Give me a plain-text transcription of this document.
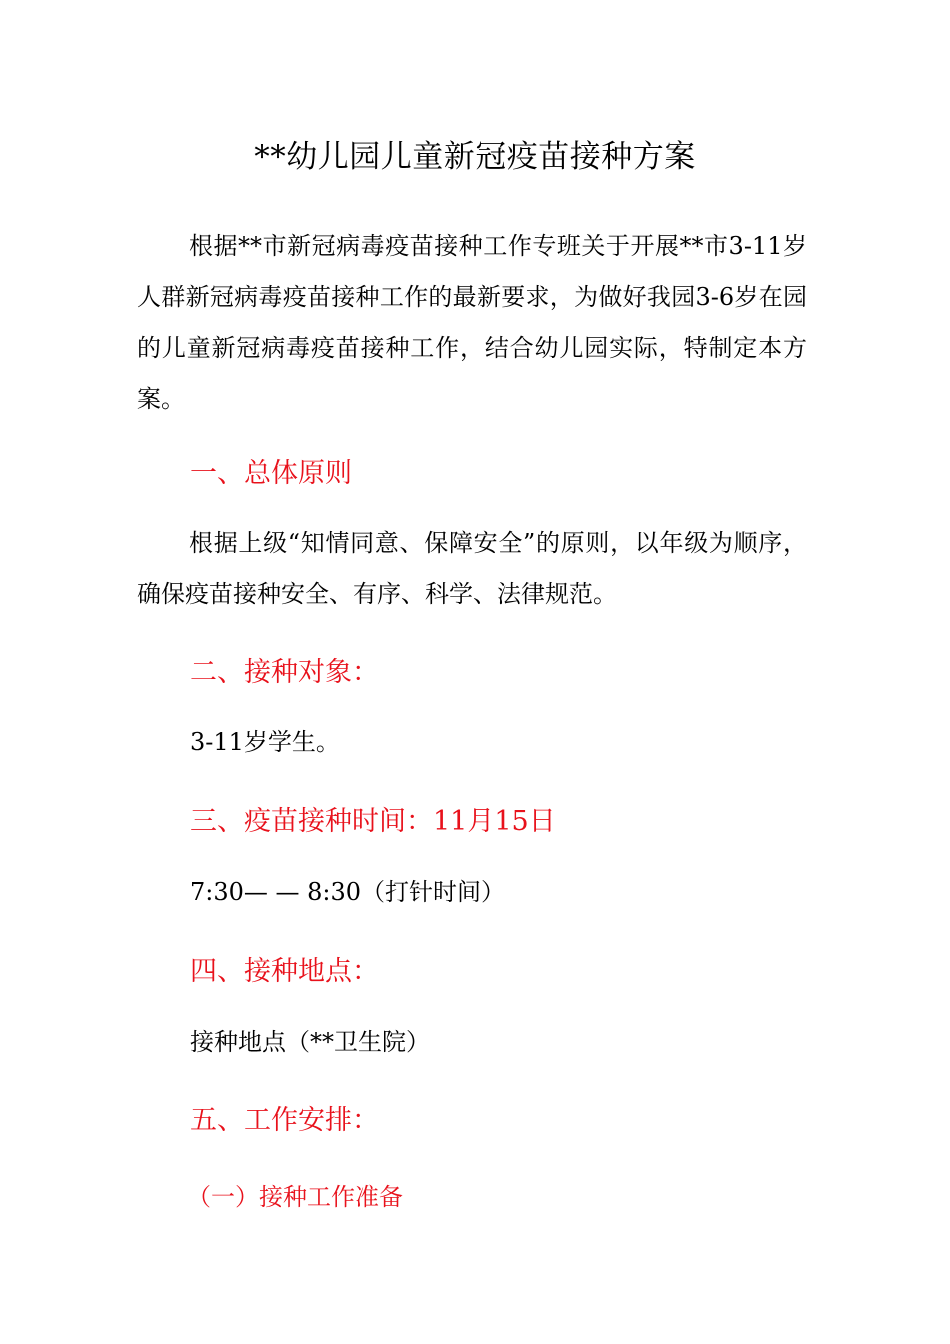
**幼儿园儿童新冠疫苗接种方案

根据**市新冠病毒疫苗接种工作专班关于开展**市3-11岁人群新冠病毒疫苗接种工作的最新要求，为做好我园3-6岁在园的儿童新冠病毒疫苗接种工作，结合幼儿园实际，特制定本方案。

一、总体原则

根据上级“知情同意、保障安全”的原则，以年级为顺序，确保疫苗接种安全、有序、科学、法律规范。

二、接种对象：
3-11岁学生。
三、疫苗接种时间：11月15日
7:30— — 8:30（打针时间）
四、接种地点：
接种地点（**卫生院）
五、工作安排：
（一）接种工作准备
